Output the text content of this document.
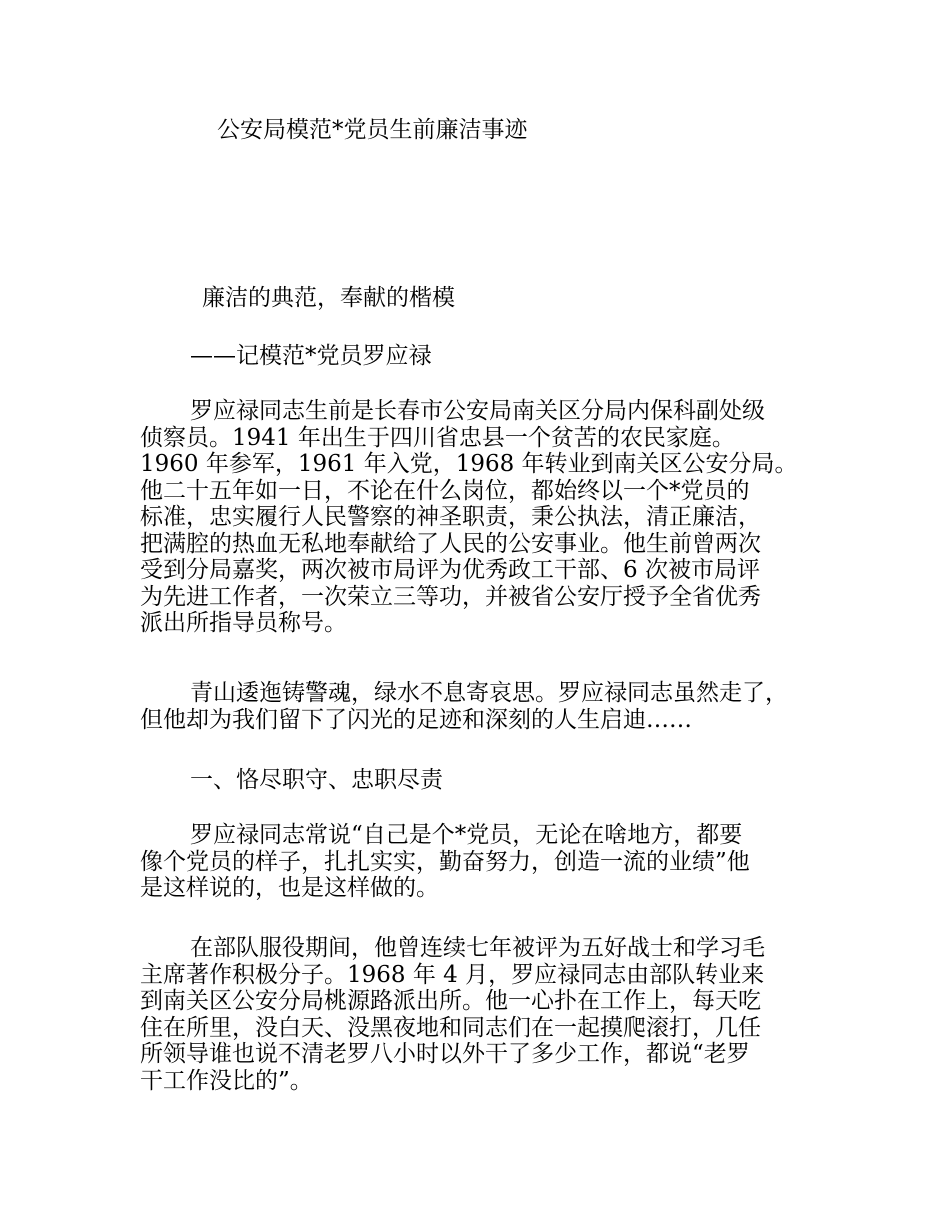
公安局模范*党员生前廉洁事迹
廉洁的典范，奉献的楷模

——记模范*党员罗应禄

罗应禄同志生前是长春市公安局南关区分局内保科副处级
侦察员。1941 年出生于四川省忠县一个贫苦的农民家庭。
1960 年参军，1961 年入党，1968 年转业到南关区公安分局。
他二十五年如一日，不论在什么岗位，都始终以一个*党员的
标准，忠实履行人民警察的神圣职责，秉公执法，清正廉洁，
把满腔的热血无私地奉献给了人民的公安事业。他生前曾两次
受到分局嘉奖，两次被市局评为优秀政工干部、6 次被市局评
为先进工作者，一次荣立三等功，并被省公安厅授予全省优秀
派出所指导员称号。
青山逶迤铸警魂，绿水不息寄哀思。罗应禄同志虽然走了，
但他却为我们留下了闪光的足迹和深刻的人生启迪……
一、恪尽职守、忠职尽责
罗应禄同志常说“自己是个*党员，无论在啥地方，都要
像个党员的样子，扎扎实实，勤奋努力，创造一流的业绩”他
是这样说的，也是这样做的。
在部队服役期间，他曾连续七年被评为五好战士和学习毛
主席著作积极分子。1968 年 4 月，罗应禄同志由部队转业来
到南关区公安分局桃源路派出所。他一心扑在工作上，每天吃
住在所里，没白天、没黑夜地和同志们在一起摸爬滚打，几任
所领导谁也说不清老罗八小时以外干了多少工作，都说“老罗
干工作没比的”。
